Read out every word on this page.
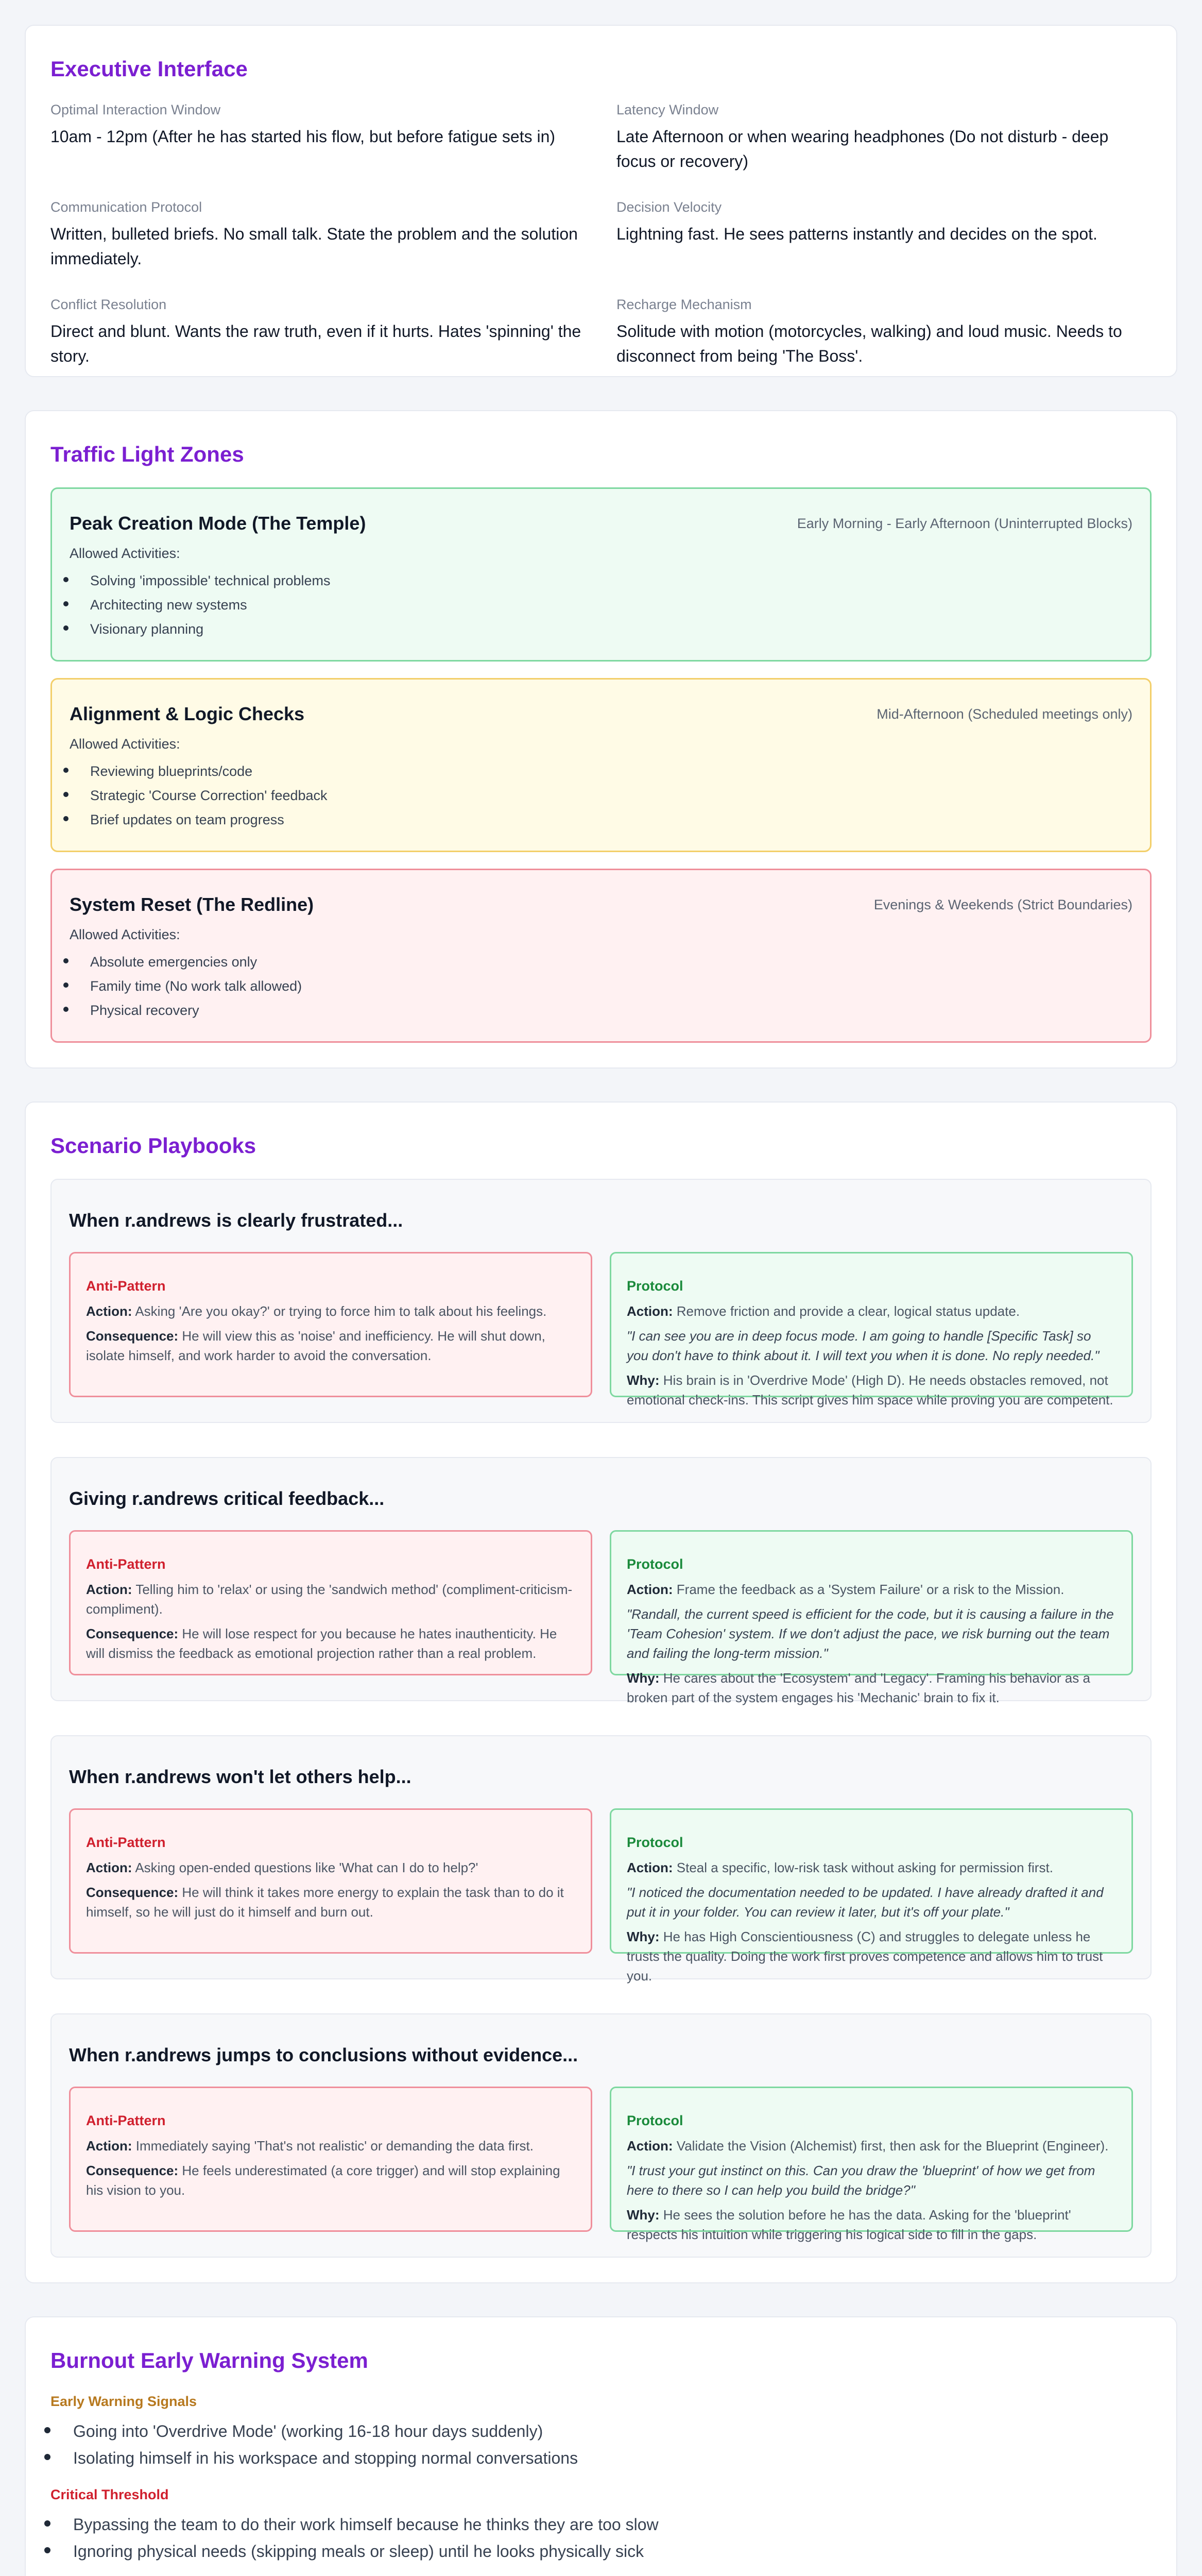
Executive Interface
Optimal Interaction Window
10am - 12pm (After he has started his flow, but before fatigue sets in)
Latency Window
Late Afternoon or when wearing headphones (Do not disturb - deep focus or recovery)
Communication Protocol
Written, bulleted briefs. No small talk. State the problem and the solution immediately.
Decision Velocity
Lightning fast. He sees patterns instantly and decides on the spot.
Conflict Resolution
Direct and blunt. Wants the raw truth, even if it hurts. Hates 'spinning' the story.
Recharge Mechanism
Solitude with motion (motorcycles, walking) and loud music. Needs to disconnect from being 'The Boss'.
Traffic Light Zones
Peak Creation Mode (The Temple)	Early Morning - Early Afternoon (Uninterrupted Blocks)
Allowed Activities:
Solving 'impossible' technical problems
Architecting new systems
Visionary planning
Alignment & Logic Checks	Mid-Afternoon (Scheduled meetings only)
Allowed Activities:
Reviewing blueprints/code
Strategic 'Course Correction' feedback
Brief updates on team progress
System Reset (The Redline)	Evenings & Weekends (Strict Boundaries)
Allowed Activities:
Absolute emergencies only
Family time (No work talk allowed)
Physical recovery
Scenario Playbooks
When r.andrews is clearly frustrated...
Anti-Pattern

Action: Asking 'Are you okay?' or trying to force him to talk about his feelings.

Consequence: He will view this as 'noise' and inefficiency. He will shut down, isolate himself, and work harder to avoid the conversation.

Protocol

Action: Remove friction and provide a clear, logical status update.

"I can see you are in deep focus mode. I am going to handle [Specific Task] so you don't have to think about it. I will text you when it is done. No reply needed."

Why: His brain is in 'Overdrive Mode' (High D). He needs obstacles removed, not emotional check-ins. This script gives him space while proving you are competent.

Giving r.andrews critical feedback...
Anti-Pattern

Action: Telling him to 'relax' or using the 'sandwich method' (compliment-criticism-compliment).

Consequence: He will lose respect for you because he hates inauthenticity. He will dismiss the feedback as emotional projection rather than a real problem.

Protocol

Action: Frame the feedback as a 'System Failure' or a risk to the Mission.

"Randall, the current speed is efficient for the code, but it is causing a failure in the 'Team Cohesion' system. If we don't adjust the pace, we risk burning out the team and failing the long-term mission."

Why: He cares about the 'Ecosystem' and 'Legacy'. Framing his behavior as a broken part of the system engages his 'Mechanic' brain to fix it.

When r.andrews won't let others help...
Anti-Pattern

Action: Asking open-ended questions like 'What can I do to help?'

Consequence: He will think it takes more energy to explain the task than to do it himself, so he will just do it himself and burn out.

Protocol

Action: Steal a specific, low-risk task without asking for permission first.

"I noticed the documentation needed to be updated. I have already drafted it and put it in your folder. You can review it later, but it's off your plate."

Why: He has High Conscientiousness (C) and struggles to delegate unless he trusts the quality. Doing the work first proves competence and allows him to trust you.

When r.andrews jumps to conclusions without evidence...
Anti-Pattern

Action: Immediately saying 'That's not realistic' or demanding the data first.

Consequence: He feels underestimated (a core trigger) and will stop explaining his vision to you.

Protocol

Action: Validate the Vision (Alchemist) first, then ask for the Blueprint (Engineer).

"I trust your gut instinct on this. Can you draw the 'blueprint' of how we get from here to there so I can help you build the bridge?"

Why: He sees the solution before he has the data. Asking for the 'blueprint' respects his intuition while triggering his logical side to fill in the gaps.

Burnout Early Warning System
Early Warning Signals
Going into 'Overdrive Mode' (working 16-18 hour days suddenly)
Isolating himself in his workspace and stopping normal conversations
Critical Threshold
Bypassing the team to do their work himself because he thinks they are too slow
Ignoring physical needs (skipping meals or sleep) until he looks physically sick
